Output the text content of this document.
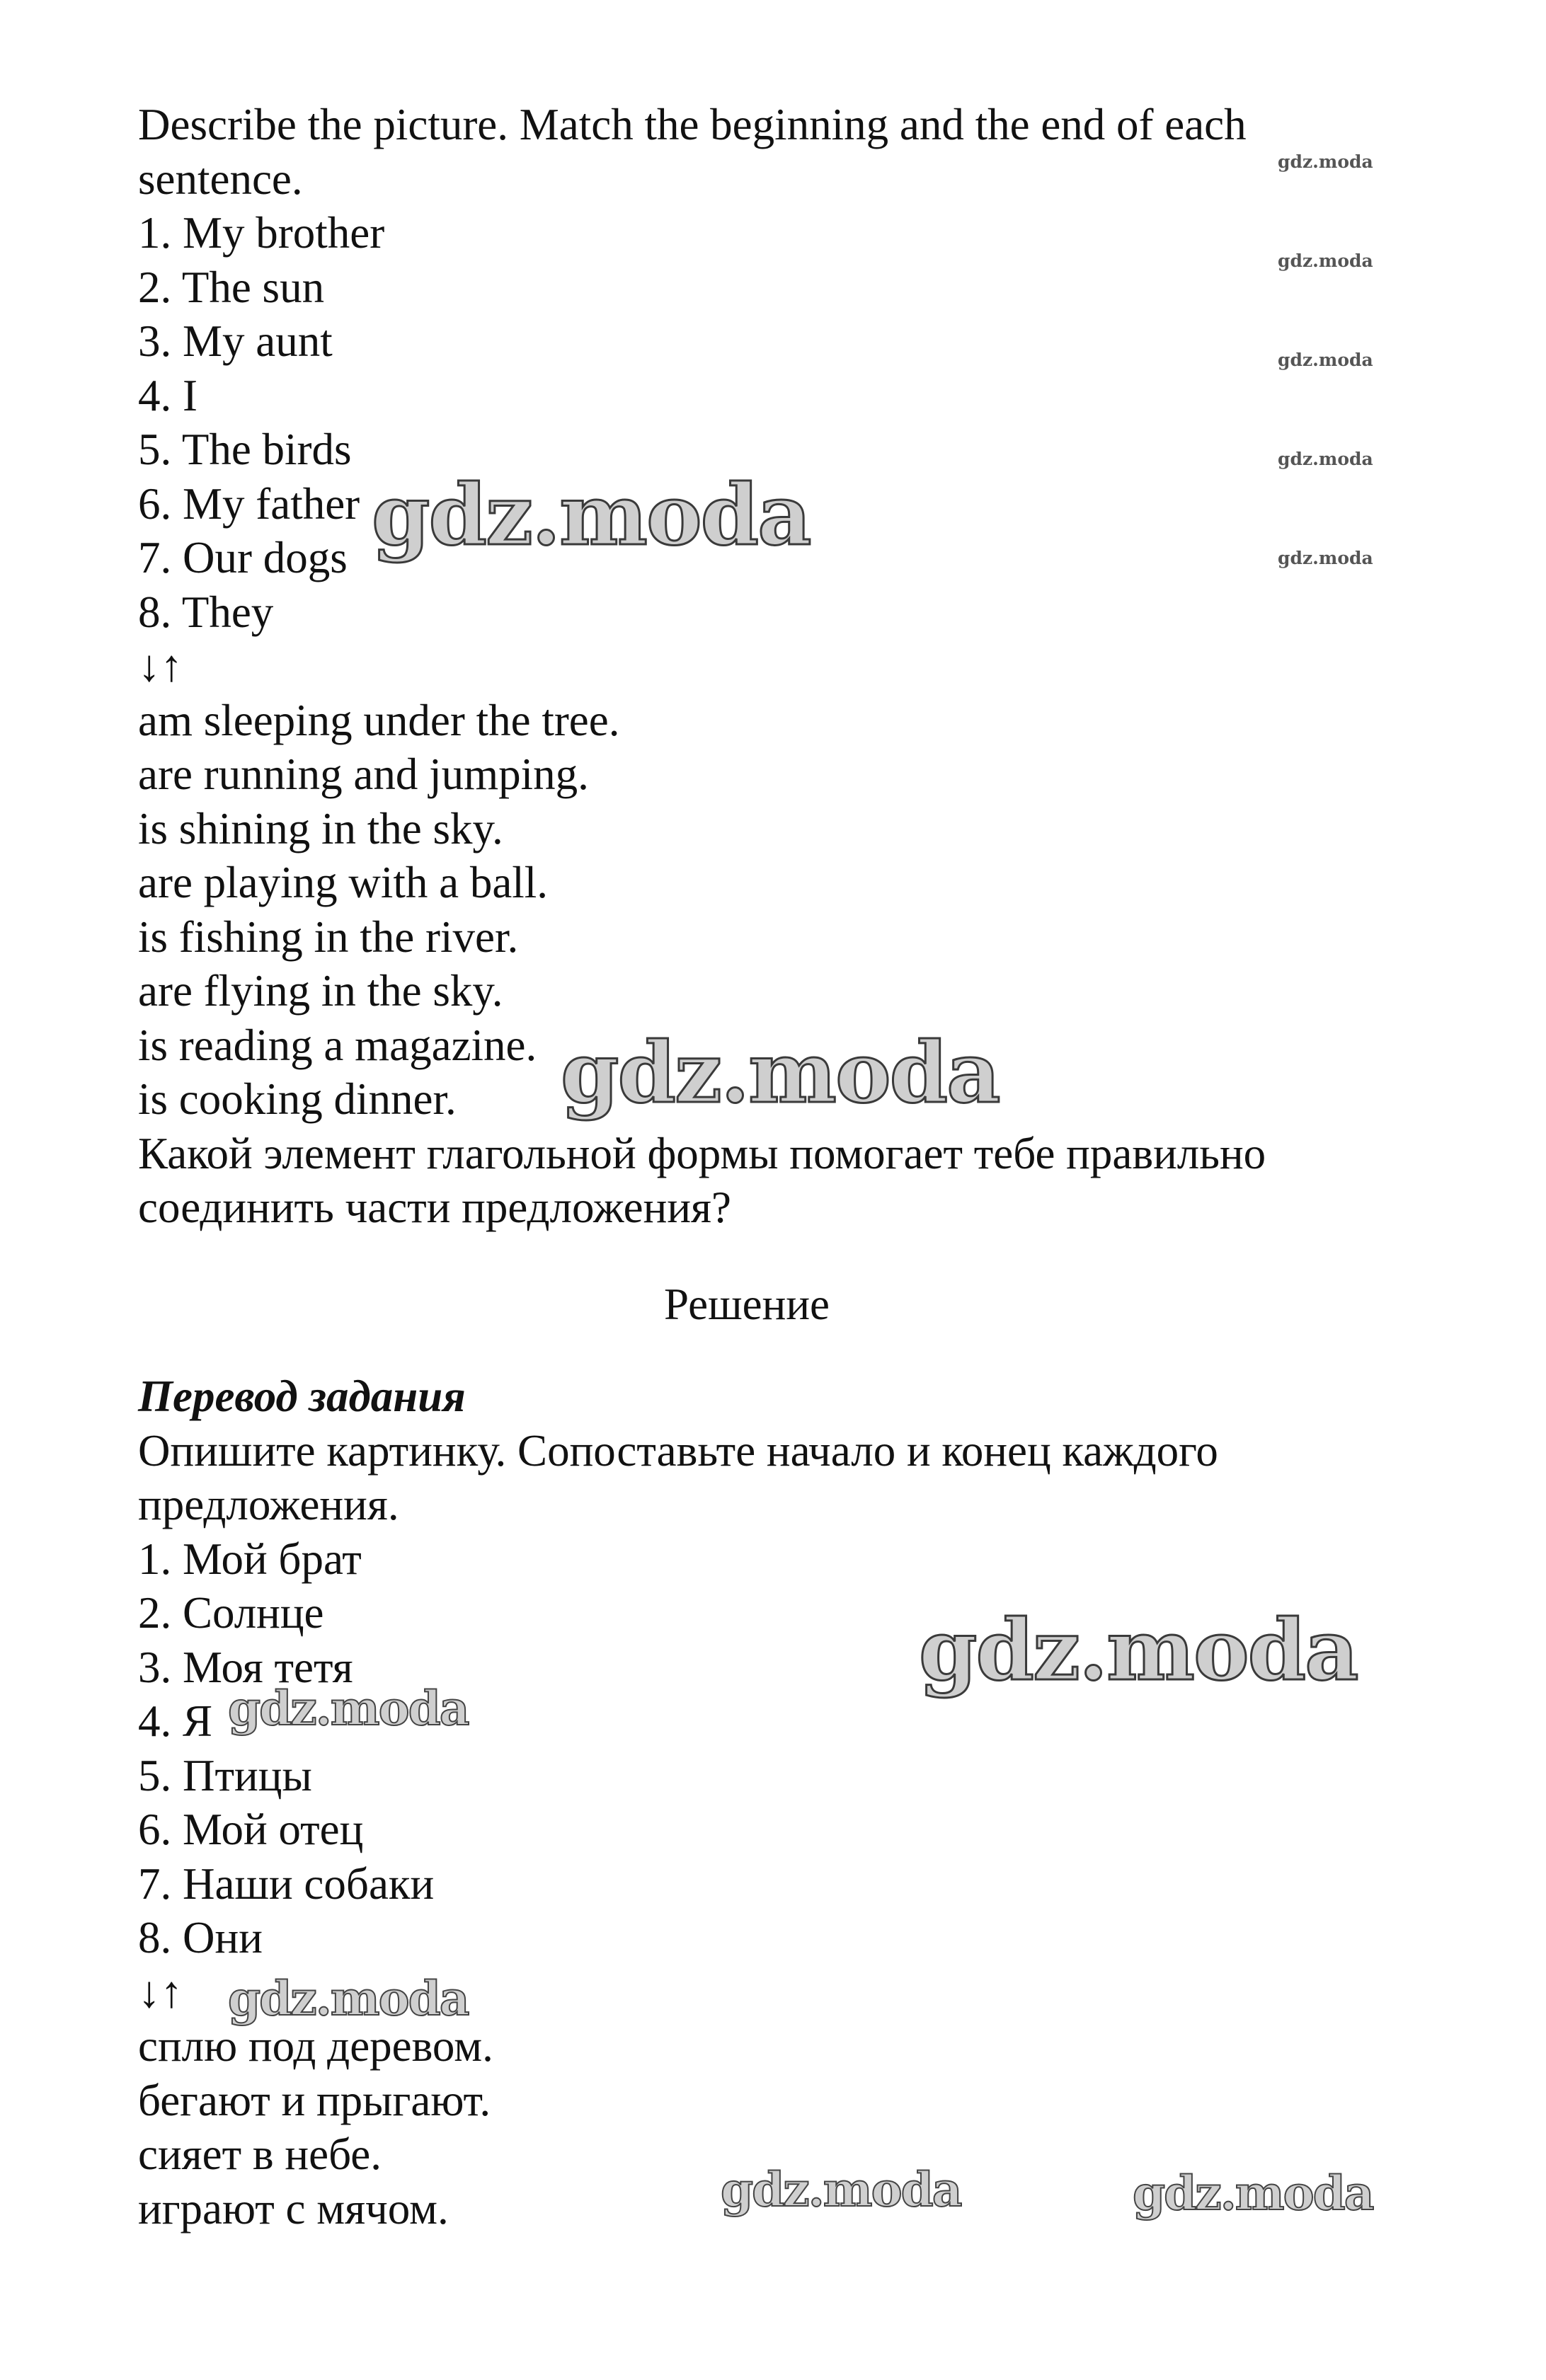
Describe the picture. Match the beginning and the end of each sentence.
1. My brother
2. The sun
3. My aunt
4. I
5. The birds
6. My father
7. Our dogs
8. They
↓↑
am sleeping under the tree.
are running and jumping.
is shining in the sky.
are playing with a ball.
is fishing in the river.
are flying in the sky.
is reading a magazine.
is cooking dinner.
Какой элемент глагольной формы помогает тебе правильно соединить части предложения?
Решение
Перевод задания
Опишите картинку. Сопоставьте начало и конец каждого предложения.
1. Мой брат
2. Солнце
3. Моя тетя
4. Я
5. Птицы
6. Мой отец
7. Наши собаки
8. Они
↓↑
сплю под деревом.
бегают и прыгают.
сияет в небе.
играют с мячом.
gdz.moda
gdz.moda
gdz.moda
gdz.moda
gdz.moda
gdz.moda
gdz.moda
gdz.moda
gdz.moda
gdz.moda
gdz.moda	gdz.moda
